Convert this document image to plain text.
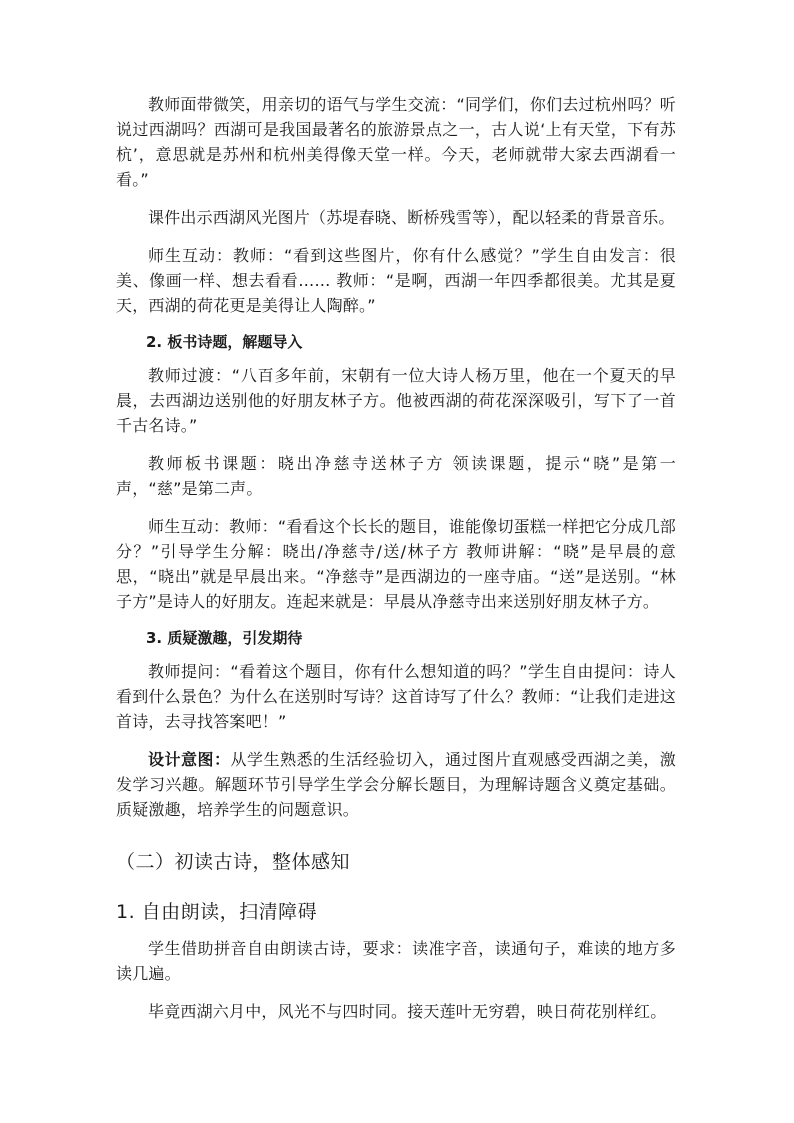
教师面带微笑，用亲切的语气与学生交流：“同学们，你们去过杭州吗？听说过西湖吗？西湖可是我国最著名的旅游景点之一，古人说‘上有天堂，下有苏杭’，意思就是苏州和杭州美得像天堂一样。今天，老师就带大家去西湖看一看。”

课件出示西湖风光图片（苏堤春晓、断桥残雪等），配以轻柔的背景音乐。

师生互动：教师：“看到这些图片，你有什么感觉？”学生自由发言：很美、像画一样、想去看看…… 教师：“是啊，西湖一年四季都很美。尤其是夏天，西湖的荷花更是美得让人陶醉。”

2. 板书诗题，解题导入

教师过渡：“八百多年前，宋朝有一位大诗人杨万里，他在一个夏天的早晨，去西湖边送别他的好朋友林子方。他被西湖的荷花深深吸引，写下了一首千古名诗。”

教师板书课题：晓出净慈寺送林子方 领读课题，提示“晓”是第一声，“慈”是第二声。

师生互动：教师：“看看这个长长的题目，谁能像切蛋糕一样把它分成几部分？”引导学生分解：晓出/净慈寺/送/林子方 教师讲解：“晓”是早晨的意思，“晓出”就是早晨出来。“净慈寺”是西湖边的一座寺庙。“送”是送别。“林子方”是诗人的好朋友。连起来就是：早晨从净慈寺出来送别好朋友林子方。

3. 质疑激趣，引发期待

教师提问：“看着这个题目，你有什么想知道的吗？”学生自由提问：诗人看到什么景色？为什么在送别时写诗？这首诗写了什么？教师：“让我们走进这首诗，去寻找答案吧！”

设计意图：从学生熟悉的生活经验切入，通过图片直观感受西湖之美，激发学习兴趣。解题环节引导学生学会分解长题目，为理解诗题含义奠定基础。质疑激趣，培养学生的问题意识。

（二）初读古诗，整体感知

1. 自由朗读，扫清障碍

学生借助拼音自由朗读古诗，要求：读准字音，读通句子，难读的地方多读几遍。

毕竟西湖六月中，风光不与四时同。接天莲叶无穷碧，映日荷花别样红。
